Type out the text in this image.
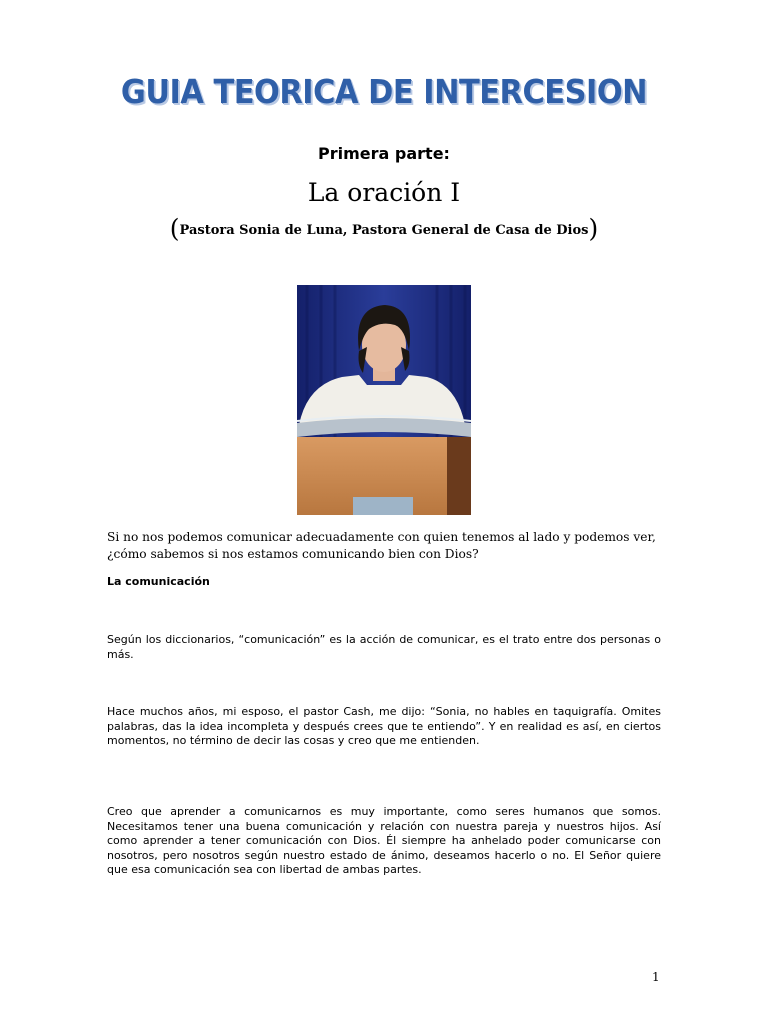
GUIA TEORICA DE INTERCESION
Primera parte:
La oración I
(Pastora Sonia de Luna, Pastora General de Casa de Dios)
Si no nos podemos comunicar adecuadamente con quien tenemos al lado y podemos ver, ¿cómo sabemos si nos estamos comunicando bien con Dios?
La comunicación

Según los diccionarios, “comunicación” es la acción de comunicar, es el trato entre dos personas o más.

Hace muchos años, mi esposo, el pastor Cash, me dijo: “Sonia, no hables en taquigrafía. Omites palabras, das la idea incompleta y después crees que te entiendo”. Y en realidad es así, en ciertos momentos, no término de decir las cosas y creo que me entienden.

Creo que aprender a comunicarnos es muy importante, como seres humanos que somos. Necesitamos tener una buena comunicación y relación con nuestra pareja y nuestros hijos. Así como aprender a tener comunicación con Dios. Él siempre ha anhelado poder comunicarse con nosotros, pero nosotros según nuestro estado de ánimo, deseamos hacerlo o no. El Señor quiere que esa comunicación sea con libertad de ambas partes.

1
